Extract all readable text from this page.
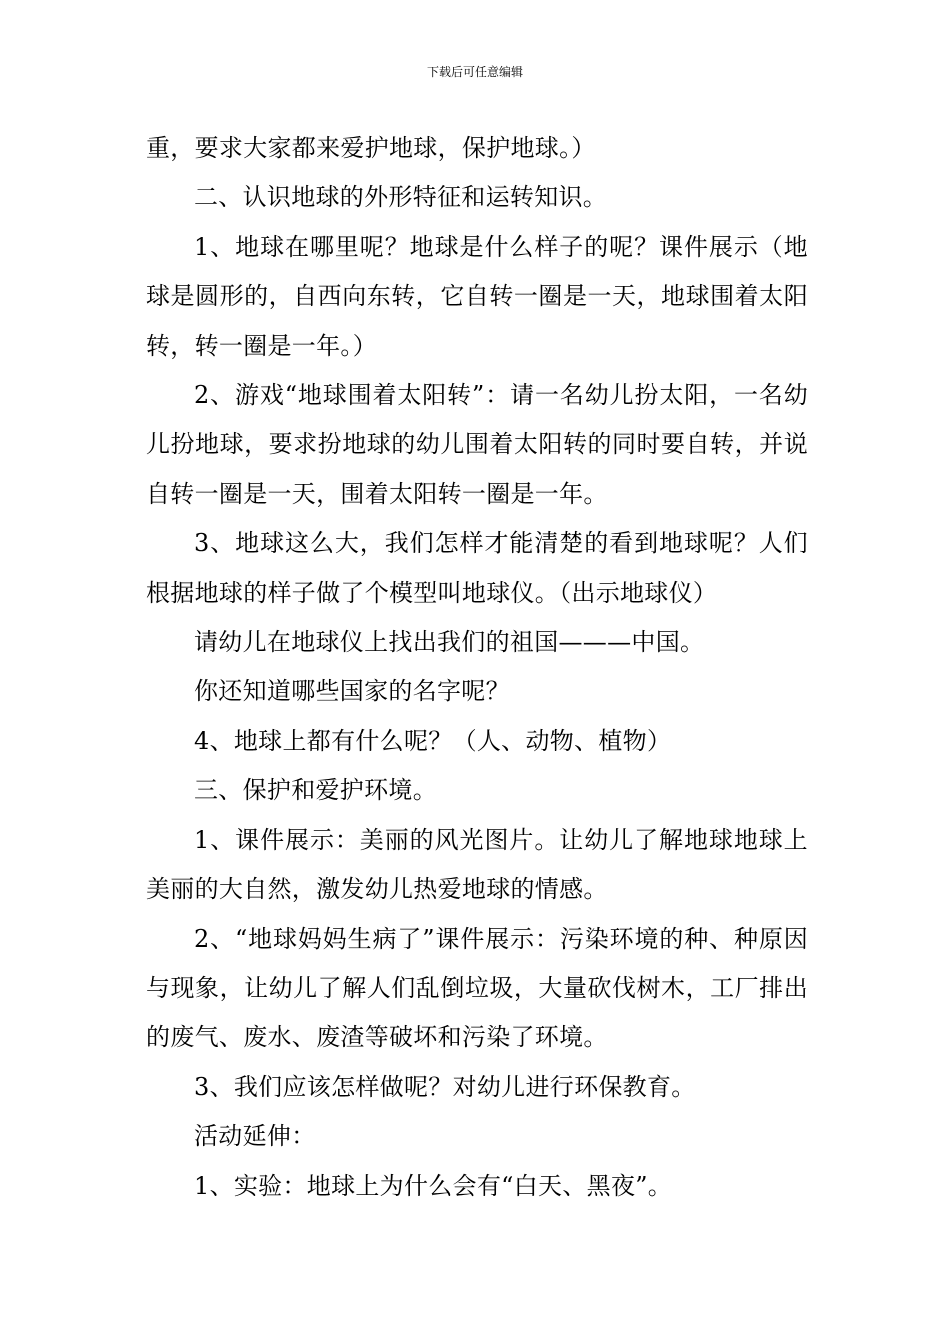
下载后可任意编辑

重，要求大家都来爱护地球，保护地球。）

二、认识地球的外形特征和运转知识。

1、地球在哪里呢？地球是什么样子的呢？课件展示（地球是圆形的，自西向东转，它自转一圈是一天，地球围着太阳转，转一圈是一年。）

2、游戏“地球围着太阳转”：请一名幼儿扮太阳，一名幼儿扮地球，要求扮地球的幼儿围着太阳转的同时要自转，并说自转一圈是一天，围着太阳转一圈是一年。

3、地球这么大，我们怎样才能清楚的看到地球呢？人们根据地球的样子做了个模型叫地球仪。（出示地球仪）

请幼儿在地球仪上找出我们的祖国———中国。

你还知道哪些国家的名字呢？

4、地球上都有什么呢？（人、动物、植物）

三、保护和爱护环境。

1、课件展示：美丽的风光图片。让幼儿了解地球地球上美丽的大自然，激发幼儿热爱地球的情感。

2、“地球妈妈生病了”课件展示：污染环境的种、种原因与现象，让幼儿了解人们乱倒垃圾，大量砍伐树木，工厂排出的废气、废水、废渣等破坏和污染了环境。

3、我们应该怎样做呢？对幼儿进行环保教育。

活动延伸：

1、实验：地球上为什么会有“白天、黑夜”。
